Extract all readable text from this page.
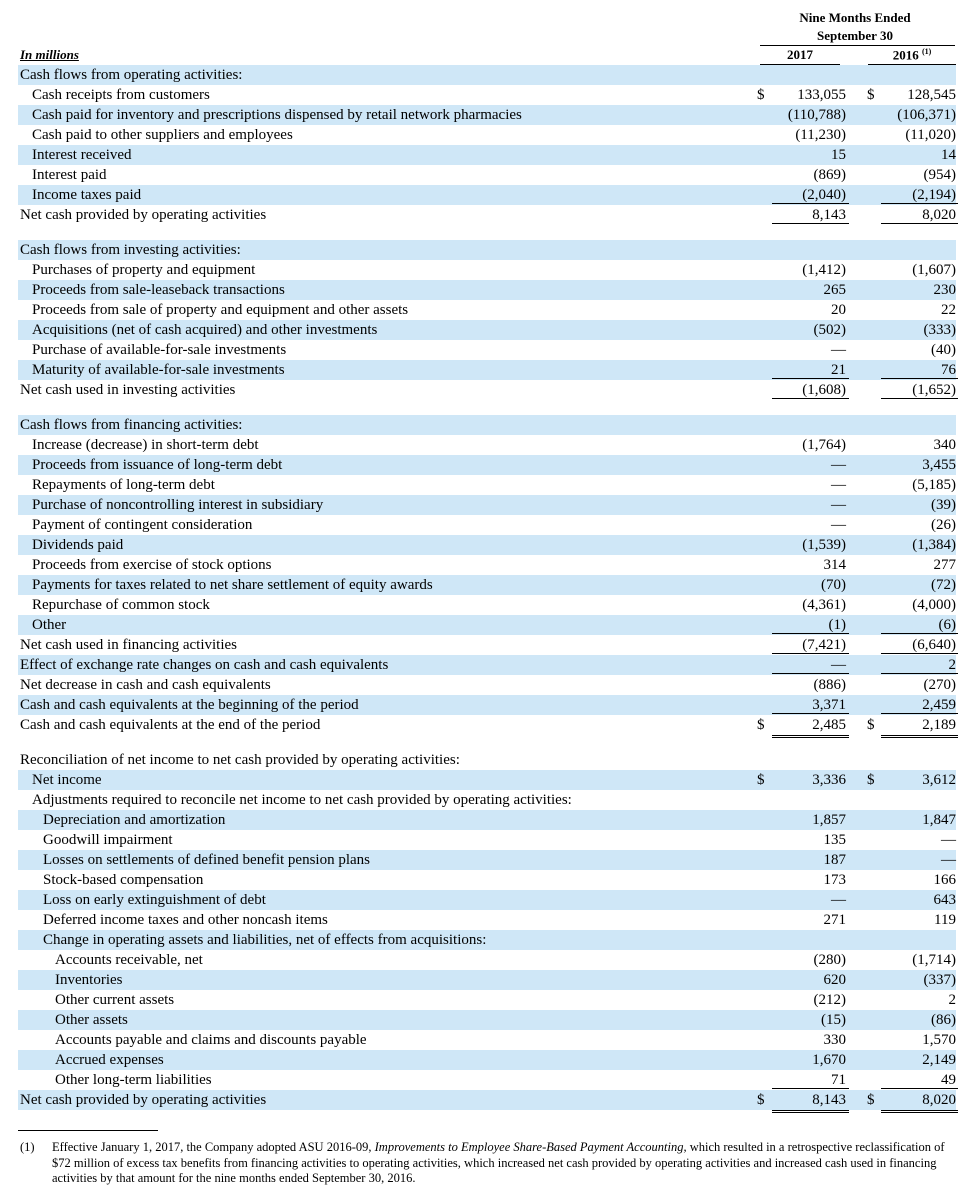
Nine Months Ended
September 30
In millions	2017	2016 $^{(1)}$
Cash flows from operating activities:
Cash receipts from customers	$	133,055 $	128,545
Cash paid for inventory and prescriptions dispensed by retail network pharmacies	(110,788)	(106,371)
Cash paid to other suppliers and employees	(11,230)	(11,020)
Interest received	15	14
Interest paid	(869)	(954)
Income taxes paid	(2,040)	(2,194)
Net cash provided by operating activities	8,143	8,020
Cash flows from investing activities:
Purchases of property and equipment	(1,412)	(1,607)
Proceeds from sale-leaseback transactions	265	230
Proceeds from sale of property and equipment and other assets	20	22
Acquisitions (net of cash acquired) and other investments	(502)	(333)
Purchase of available-for-sale investments	—	(40)
Maturity of available-for-sale investments	21	76
Net cash used in investing activities	(1,608)	(1,652)
Cash flows from financing activities:
Increase (decrease) in short-term debt	(1,764)	340
Proceeds from issuance of long-term debt	—	3,455
Repayments of long-term debt	—	(5,185)
Purchase of noncontrolling interest in subsidiary	—	(39)
Payment of contingent consideration	—	(26)
Dividends paid	(1,539)	(1,384)
Proceeds from exercise of stock options	314	277
Payments for taxes related to net share settlement of equity awards	(70)	(72)
Repurchase of common stock	(4,361)	(4,000)
Other	(1)	(6)
Net cash used in financing activities	(7,421)	(6,640)
Effect of exchange rate changes on cash and cash equivalents	—	2
Net decrease in cash and cash equivalents	(886)	(270)
Cash and cash equivalents at the beginning of the period	3,371	2,459
Cash and cash equivalents at the end of the period	$	2,485 $	2,189
Reconciliation of net income to net cash provided by operating activities:
Net income	$	3,336 $	3,612
Adjustments required to reconcile net income to net cash provided by operating activities:
Depreciation and amortization	1,857	1,847
Goodwill impairment	135	—
Losses on settlements of defined benefit pension plans	187	—
Stock-based compensation	173	166
Loss on early extinguishment of debt	—	643
Deferred income taxes and other noncash items	271	119
Change in operating assets and liabilities, net of effects from acquisitions:
Accounts receivable, net	(280)	(1,714)
Inventories	620	(337)
Other current assets	(212)	2
Other assets	(15)	(86)
Accounts payable and claims and discounts payable	330	1,570
Accrued expenses	1,670	2,149
Other long-term liabilities	71	49
Net cash provided by operating activities	$	8,143 $	8,020
(1) Effective January 1, 2017, the Company adopted ASU 2016-09, Improvements to Employee Share-Based Payment Accounting, which resulted in a retrospective reclassification of $72 million of excess tax benefits from financing activities to operating activities, which increased net cash provided by operating activities and increased cash used in financing activities by that amount for the nine months ended September 30, 2016.
